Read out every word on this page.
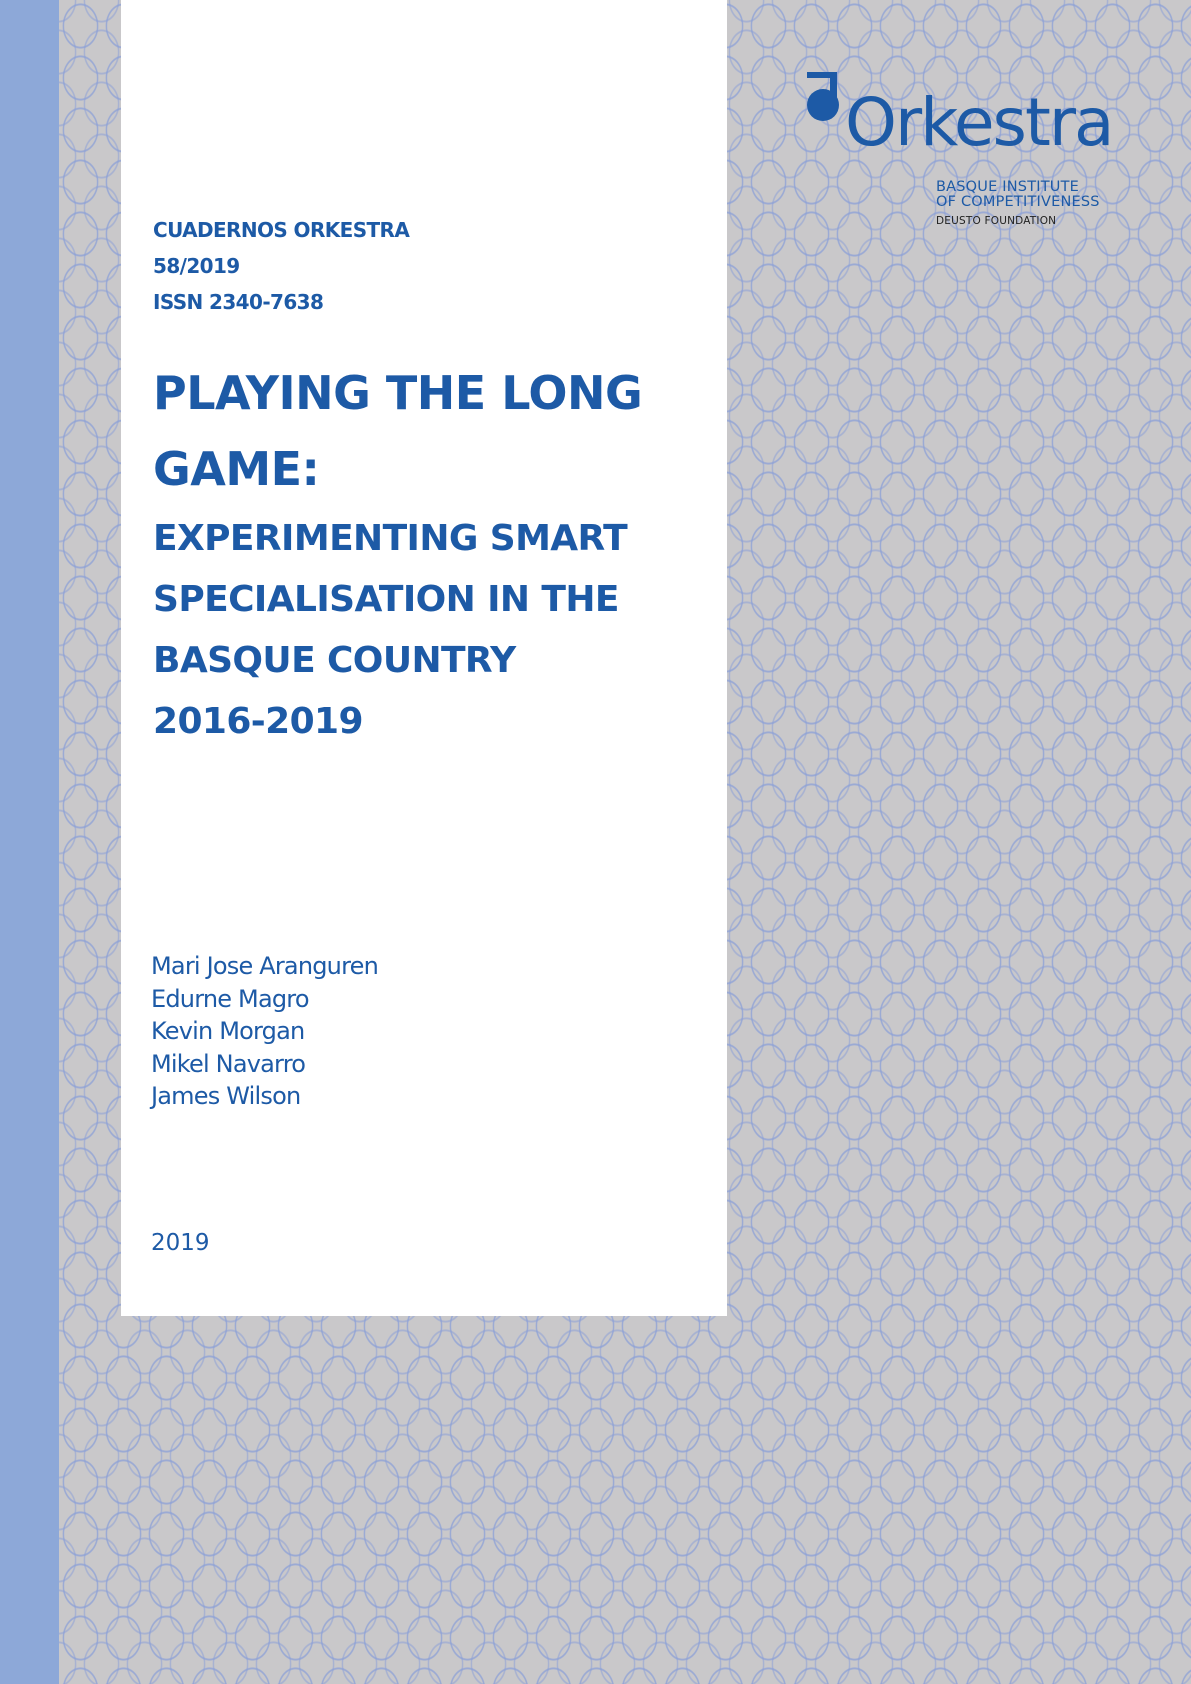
CUADERNOS ORKESTRA
58/2019
ISSN 2340-7638
PLAYING THE LONG
GAME:
EXPERIMENTING SMART
SPECIALISATION IN THE
BASQUE COUNTRY
2016-2019
Mari Jose Aranguren
Edurne Magro
Kevin Morgan
Mikel Navarro
James Wilson
2019
Orkestra
BASQUE INSTITUTE
OF COMPETITIVENESS
DEUSTO FOUNDATION
